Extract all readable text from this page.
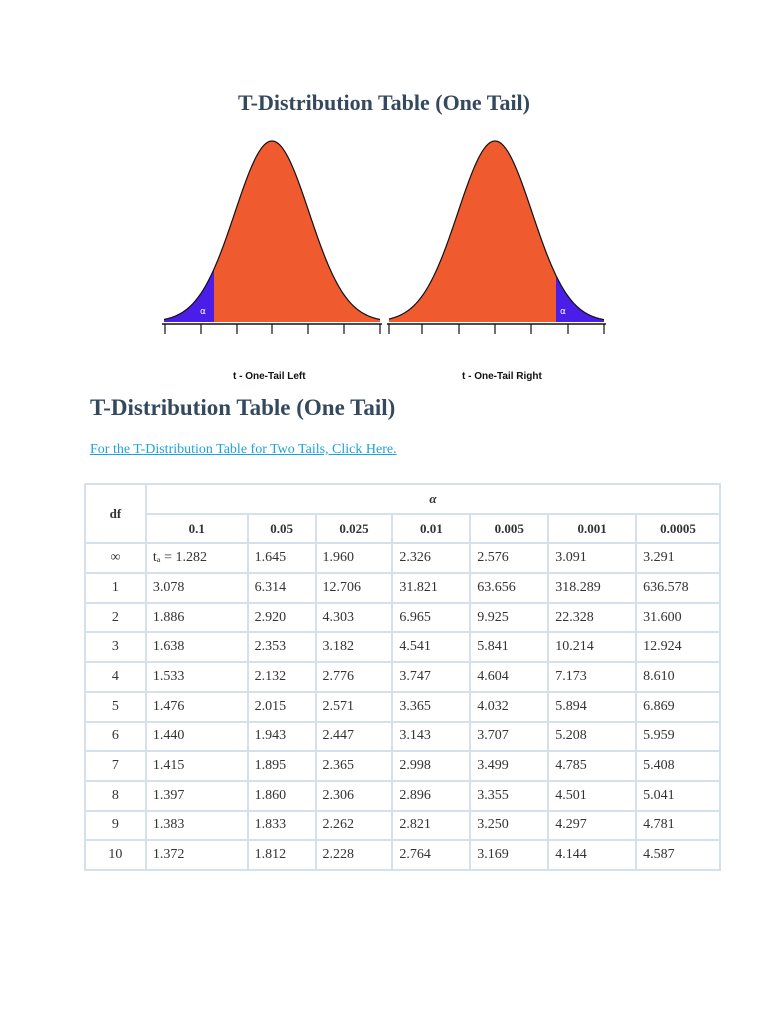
T-Distribution Table (One Tail)
α	α
t - One-Tail Left	t - One-Tail Right
T-Distribution Table (One Tail)
For the T-Distribution Table for Two Tails, Click Here.
df	α						
	0.1	0.05	0.025	0.01	0.005	0.001	0.0005
∞	tₐ = 1.282	1.645	1.960	2.326	2.576	3.091	3.291
1	3.078	6.314	12.706	31.821	63.656	318.289	636.578
2	1.886	2.920	4.303	6.965	9.925	22.328	31.600
3	1.638	2.353	3.182	4.541	5.841	10.214	12.924
4	1.533	2.132	2.776	3.747	4.604	7.173	8.610
5	1.476	2.015	2.571	3.365	4.032	5.894	6.869
6	1.440	1.943	2.447	3.143	3.707	5.208	5.959
7	1.415	1.895	2.365	2.998	3.499	4.785	5.408
8	1.397	1.860	2.306	2.896	3.355	4.501	5.041
9	1.383	1.833	2.262	2.821	3.250	4.297	4.781
10	1.372	1.812	2.228	2.764	3.169	4.144	4.587
